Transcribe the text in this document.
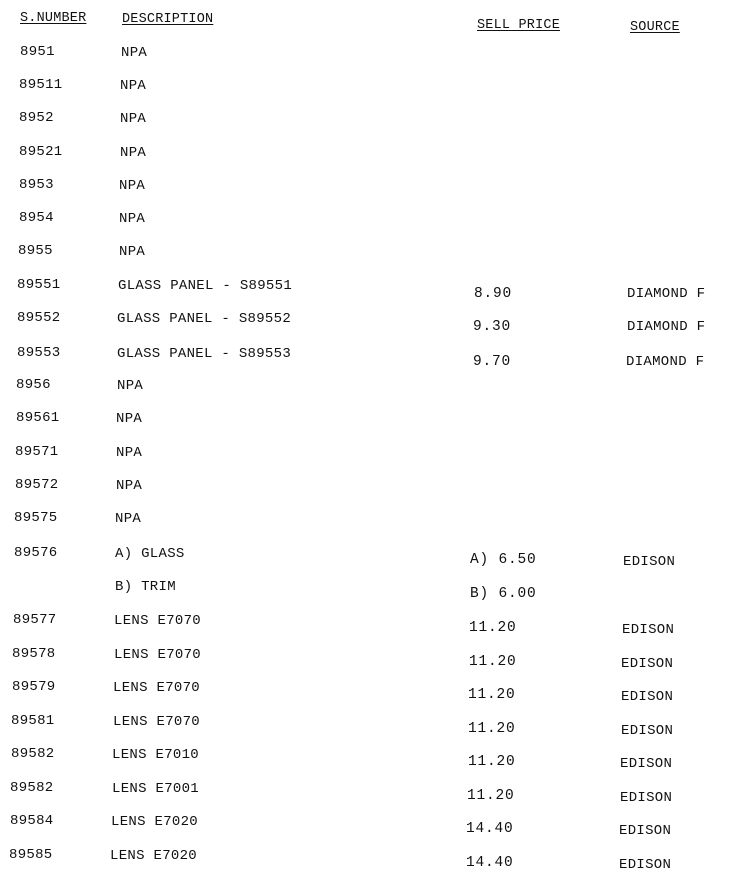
S.NUMBER	DESCRIPTION	SELL PRICE	SOURCE
8951	NPA
89511	NPA
8952	NPA
89521	NPA
8953	NPA
8954	NPA
8955	NPA
89551	GLASS PANEL - S89551	8.90	DIAMOND F
89552	GLASS PANEL - S89552	9.30	DIAMOND F
89553	GLASS PANEL - S89553	9.70	DIAMOND F
8956	NPA
89561	NPA
89571	NPA
89572	NPA
89575	NPA
89576	A) GLASS	A) 6.50	EDISON
B) TRIM	B) 6.00
89577	LENS E7070	11.20	EDISON
89578	LENS E7070	11.20	EDISON
89579	LENS E7070	11.20	EDISON
89581	LENS E7070	11.20	EDISON
89582	LENS E7010	11.20	EDISON
89582	LENS E7001	11.20	EDISON
89584	LENS E7020	14.40	EDISON
89585	LENS E7020	14.40	EDISON
